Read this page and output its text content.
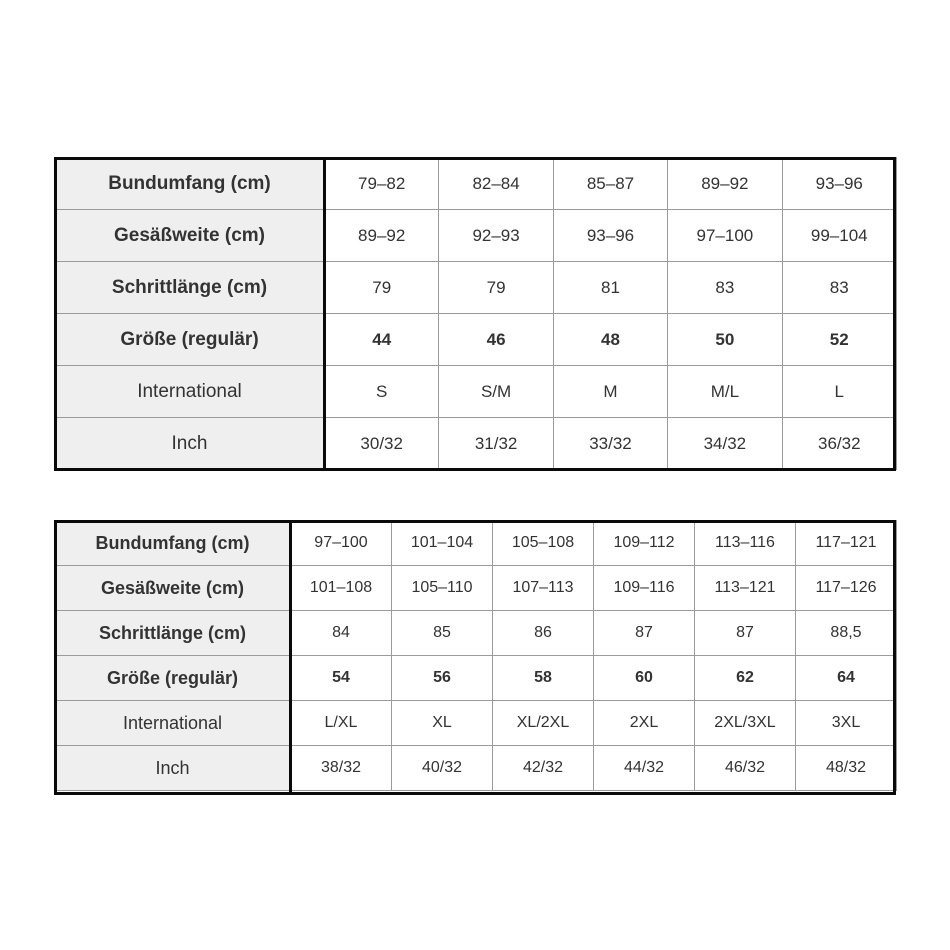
Bundumfang (cm)	79–82	82–84	85–87	89–92	93–96
Gesäßweite (cm)	89–92	92–93	93–96	97–100	99–104
Schrittlänge (cm)	79	79	81	83	83
Größe (regulär)	44	46	48	50	52
International	S	S/M	M	M/L	L
Inch	30/32	31/32	33/32	34/32	36/32
Bundumfang (cm)	97–100	101–104	105–108	109–112	113–116	117–121
Gesäßweite (cm)	101–108	105–110	107–113	109–116	113–121	117–126
Schrittlänge (cm)	84	85	86	87	87	88,5
Größe (regulär)	54	56	58	60	62	64
International	L/XL	XL	XL/2XL	2XL	2XL/3XL	3XL
Inch	38/32	40/32	42/32	44/32	46/32	48/32
